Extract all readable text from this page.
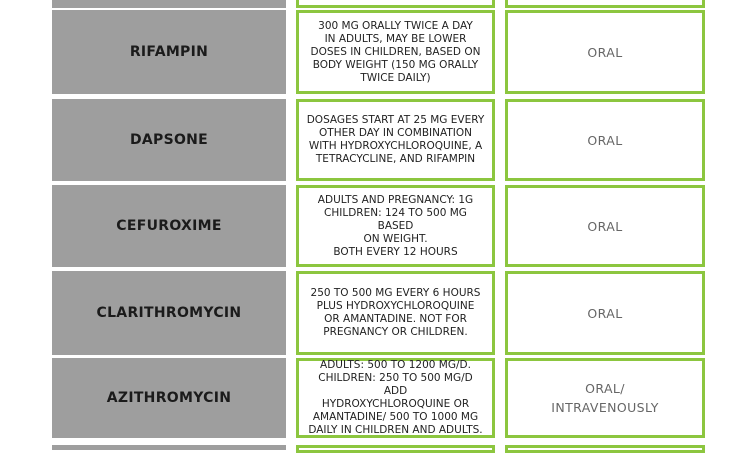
RIFAMPIN
300 MG ORALLY TWICE A DAY
IN ADULTS, MAY BE LOWER
DOSES IN CHILDREN, BASED ON
BODY WEIGHT (150 MG ORALLY
TWICE DAILY)
ORAL
DAPSONE
DOSAGES START AT 25 MG EVERY
OTHER DAY IN COMBINATION
WITH HYDROXYCHLOROQUINE, A
TETRACYCLINE, AND RIFAMPIN
ORAL
CEFUROXIME
ADULTS AND PREGNANCY: 1G
CHILDREN: 124 TO 500 MG BASED
ON WEIGHT.
BOTH EVERY 12 HOURS
ORAL
CLARITHROMYCIN
250 TO 500 MG EVERY 6 HOURS
PLUS HYDROXYCHLOROQUINE
OR AMANTADINE. NOT FOR
PREGNANCY OR CHILDREN.
ORAL
AZITHROMYCIN
ADULTS: 500 TO 1200 MG/D.
CHILDREN: 250 TO 500 MG/D ADD
HYDROXYCHLOROQUINE OR
AMANTADINE/ 500 TO 1000 MG
DAILY IN CHILDREN AND ADULTS.
ORAL/
INTRAVENOUSLY
